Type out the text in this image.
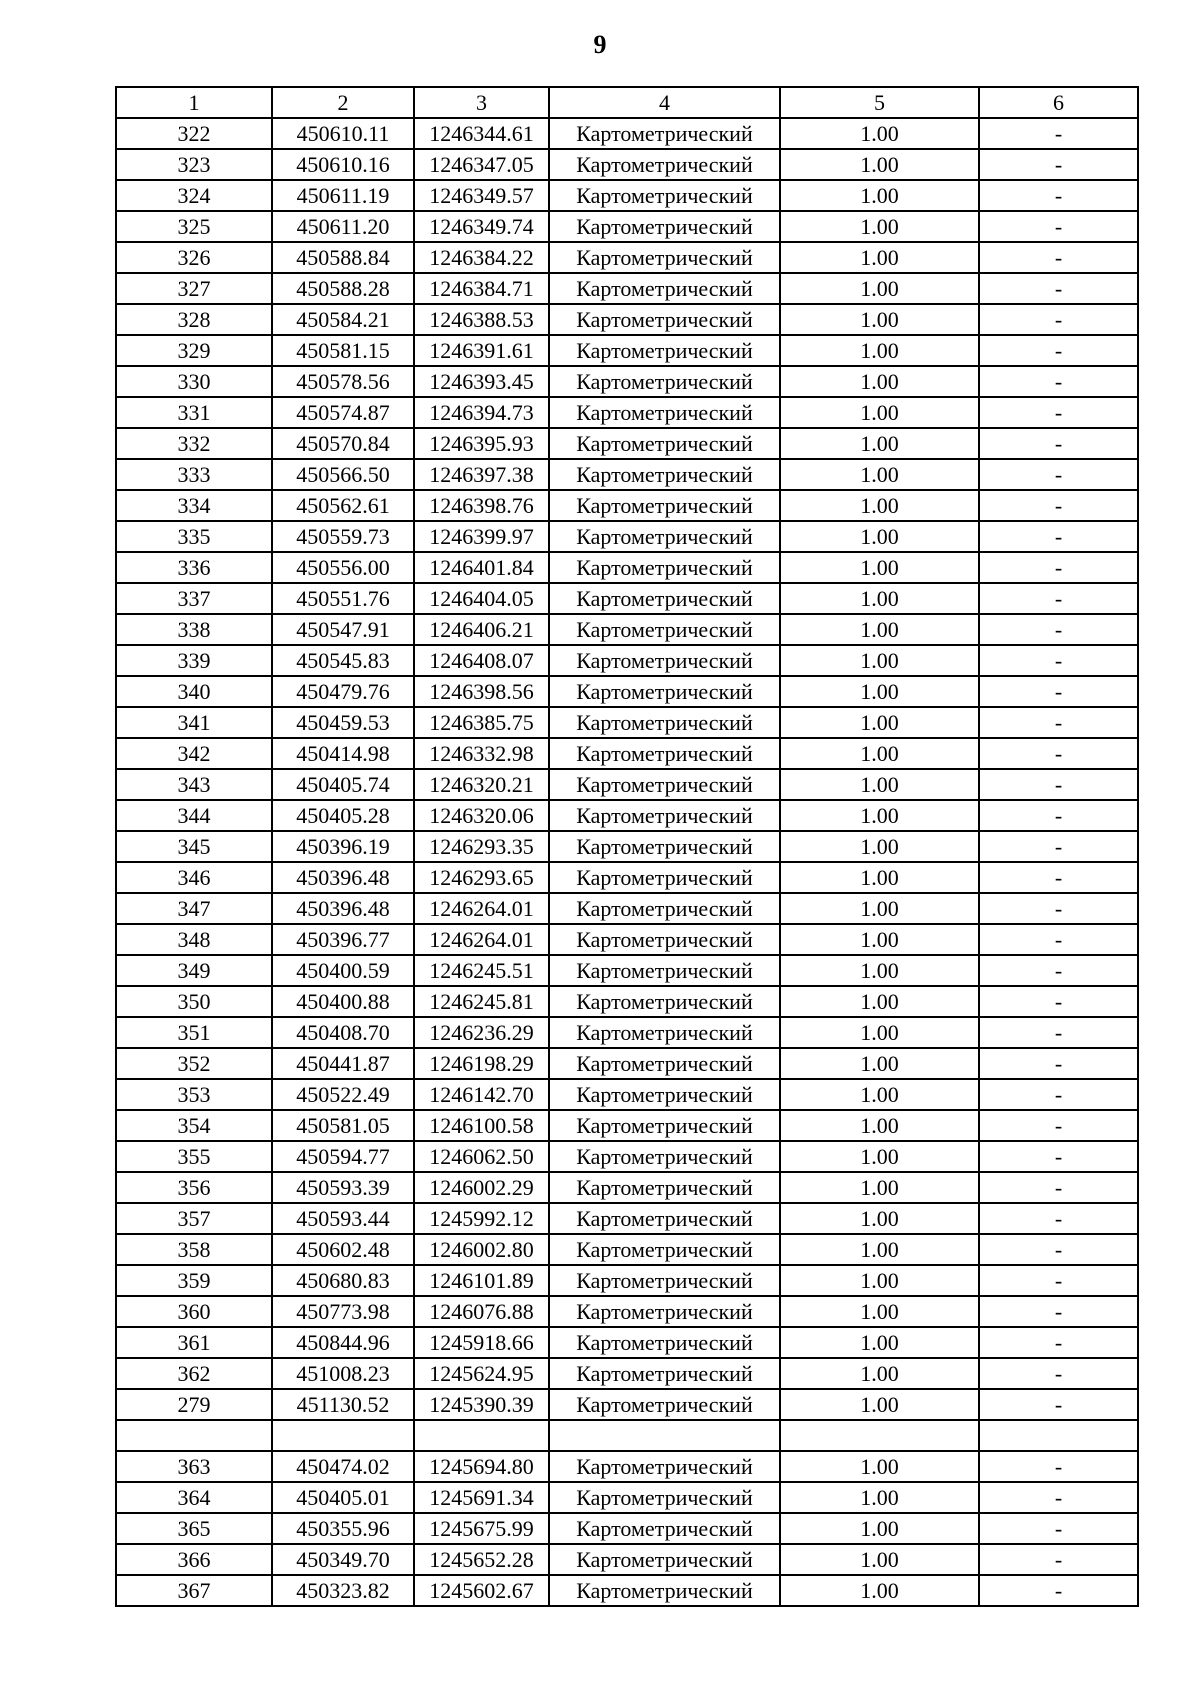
9
1	2	3	4	5	6
322	450610.11	1246344.61	Картометрический	1.00	-
323	450610.16	1246347.05	Картометрический	1.00	-
324	450611.19	1246349.57	Картометрический	1.00	-
325	450611.20	1246349.74	Картометрический	1.00	-
326	450588.84	1246384.22	Картометрический	1.00	-
327	450588.28	1246384.71	Картометрический	1.00	-
328	450584.21	1246388.53	Картометрический	1.00	-
329	450581.15	1246391.61	Картометрический	1.00	-
330	450578.56	1246393.45	Картометрический	1.00	-
331	450574.87	1246394.73	Картометрический	1.00	-
332	450570.84	1246395.93	Картометрический	1.00	-
333	450566.50	1246397.38	Картометрический	1.00	-
334	450562.61	1246398.76	Картометрический	1.00	-
335	450559.73	1246399.97	Картометрический	1.00	-
336	450556.00	1246401.84	Картометрический	1.00	-
337	450551.76	1246404.05	Картометрический	1.00	-
338	450547.91	1246406.21	Картометрический	1.00	-
339	450545.83	1246408.07	Картометрический	1.00	-
340	450479.76	1246398.56	Картометрический	1.00	-
341	450459.53	1246385.75	Картометрический	1.00	-
342	450414.98	1246332.98	Картометрический	1.00	-
343	450405.74	1246320.21	Картометрический	1.00	-
344	450405.28	1246320.06	Картометрический	1.00	-
345	450396.19	1246293.35	Картометрический	1.00	-
346	450396.48	1246293.65	Картометрический	1.00	-
347	450396.48	1246264.01	Картометрический	1.00	-
348	450396.77	1246264.01	Картометрический	1.00	-
349	450400.59	1246245.51	Картометрический	1.00	-
350	450400.88	1246245.81	Картометрический	1.00	-
351	450408.70	1246236.29	Картометрический	1.00	-
352	450441.87	1246198.29	Картометрический	1.00	-
353	450522.49	1246142.70	Картометрический	1.00	-
354	450581.05	1246100.58	Картометрический	1.00	-
355	450594.77	1246062.50	Картометрический	1.00	-
356	450593.39	1246002.29	Картометрический	1.00	-
357	450593.44	1245992.12	Картометрический	1.00	-
358	450602.48	1246002.80	Картометрический	1.00	-
359	450680.83	1246101.89	Картометрический	1.00	-
360	450773.98	1246076.88	Картометрический	1.00	-
361	450844.96	1245918.66	Картометрический	1.00	-
362	451008.23	1245624.95	Картометрический	1.00	-
279	451130.52	1245390.39	Картометрический	1.00	-

363	450474.02	1245694.80	Картометрический	1.00	-
364	450405.01	1245691.34	Картометрический	1.00	-
365	450355.96	1245675.99	Картометрический	1.00	-
366	450349.70	1245652.28	Картометрический	1.00	-
367	450323.82	1245602.67	Картометрический	1.00	-
